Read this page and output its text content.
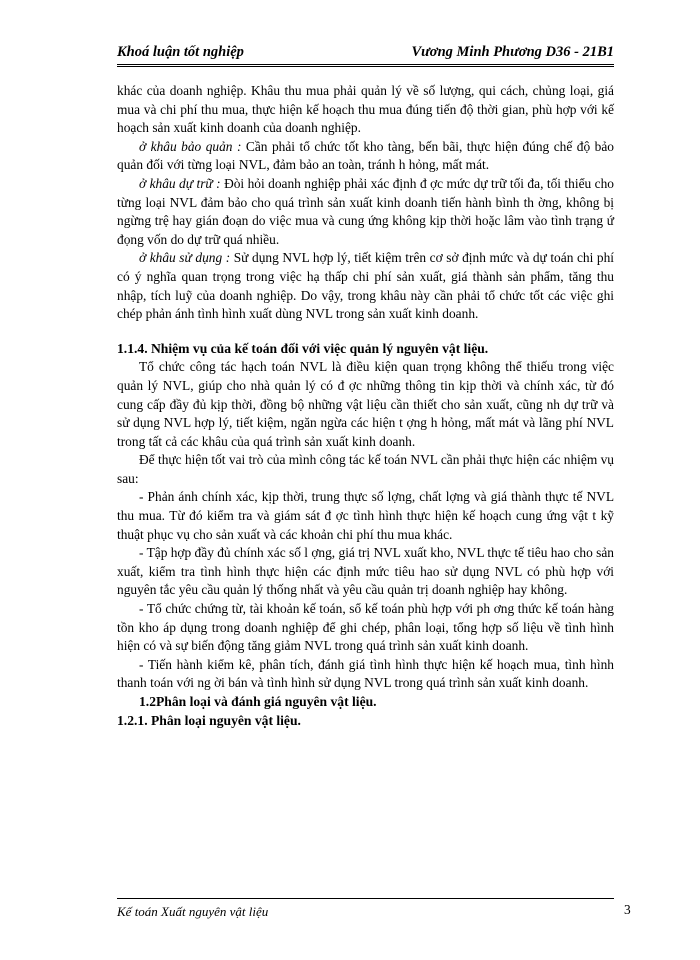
Khoá luận tốt nghiệp	Vương Minh Phương D36 - 21B1

khác của doanh nghiệp. Khâu thu mua phải quản lý về số lượng, qui cách, chủng loại, giá mua và chi phí thu mua, thực hiện kế hoạch thu mua đúng tiến độ thời gian, phù hợp với kế hoạch sản xuất kinh doanh của doanh nghiệp.

ở khâu bảo quản : Cần phải tổ chức tốt kho tàng, bến bãi, thực hiện đúng chế độ bảo quản đối với từng loại NVL, đảm bảo an toàn, tránh h hỏng, mất mát.

ở khâu dự trữ : Đòi hỏi doanh nghiệp phải xác định đ ợc mức dự trữ tối đa, tối thiểu cho từng loại NVL đảm bảo cho quá trình sản xuất kinh doanh tiến hành bình th ờng, không bị ngừng trệ hay gián đoạn do việc mua và cung ứng không kịp thời hoặc lâm vào tình trạng ứ đọng vốn do dự trữ quá nhiều.

ở khâu sử dụng : Sử dụng NVL hợp lý, tiết kiệm trên cơ sở định mức và dự toán chi phí có ý nghĩa quan trọng trong việc hạ thấp chi phí sản xuất, giá thành sản phẩm, tăng thu nhập, tích luỹ của doanh nghiệp. Do vậy, trong khâu này cần phải tổ chức tốt các việc ghi chép phản ánh tình hình xuất dùng NVL trong sản xuất kinh doanh.

1.1.4. Nhiệm vụ của kế toán đối với việc quản lý nguyên vật liệu.

Tổ chức công tác hạch toán NVL là điều kiện quan trọng không thể thiếu trong việc quản lý NVL, giúp cho nhà quản lý có đ ợc những thông tin kịp thời và chính xác, từ đó cung cấp đầy đủ kịp thời, đồng bộ những vật liệu cần thiết cho sản xuất, cũng nh dự trữ và sử dụng NVL hợp lý, tiết kiệm, ngăn ngừa các hiện t ợng h hỏng, mất mát và lãng phí NVL trong tất cả các khâu của quá trình sản xuất kinh doanh.

Để thực hiện tốt vai trò của mình công tác kế toán NVL cần phải thực hiện các nhiệm vụ sau:

- Phản ánh chính xác, kịp thời, trung thực số lợng, chất lợng và giá thành thực tế NVL thu mua. Từ đó kiểm tra và giám sát đ ợc tình hình thực hiện kế hoạch cung ứng vật t kỹ thuật phục vụ cho sản xuất và các khoản chi phí thu mua khác.

- Tập hợp đầy đủ chính xác số l ợng, giá trị NVL xuất kho, NVL thực tế tiêu hao cho sản xuất, kiểm tra tình hình thực hiện các định mức tiêu hao sử dụng NVL có phù hợp với nguyên tắc yêu cầu quản lý thống nhất và yêu cầu quản trị doanh nghiệp hay không.

- Tổ chức chứng từ, tài khoản kế toán, sổ kế toán phù hợp với ph ơng thức kế toán hàng tồn kho áp dụng trong doanh nghiệp để ghi chép, phân loại, tổng hợp số liệu về tình hình hiện có và sự biến động tăng giảm NVL trong quá trình sản xuất kinh doanh.

- Tiến hành kiểm kê, phân tích, đánh giá tình hình thực hiện kế hoạch mua, tình hình thanh toán với ng ời bán và tình hình sử dụng NVL trong quá trình sản xuất kinh doanh.

1.2Phân loại và đánh giá nguyên vật liệu.

1.2.1. Phân loại nguyên vật liệu.

Kế toán Xuất nguyên vật liệu	3
